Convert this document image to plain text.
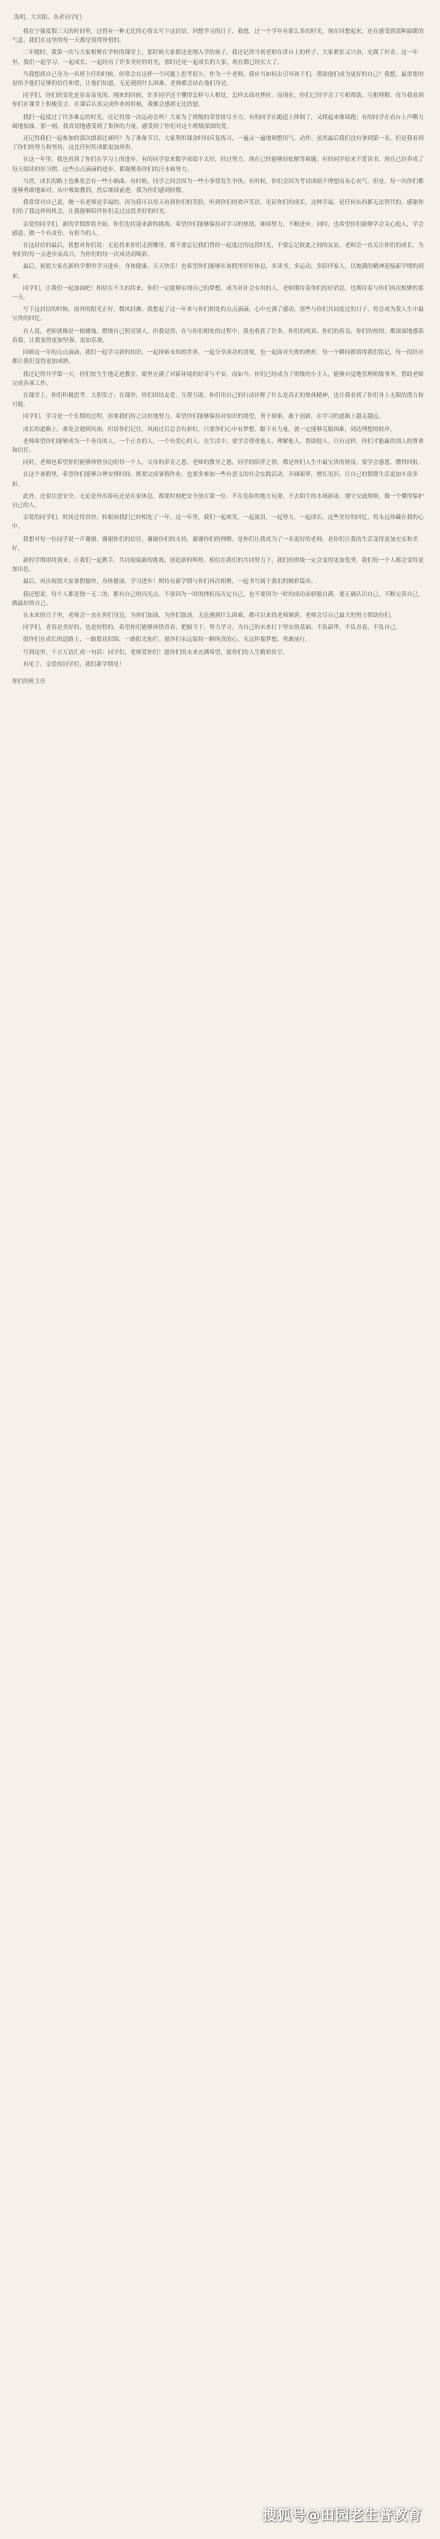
海明、大宾阳、各者同学们：
我在宁强度假三天的时间里，过得有一种无比的心情去写下这封信。回想学习的日子，我想，过一个学年有那么多的时光，现在回想起来，还在感受到那种温暖的气息，我们在这里的每一天都是值得珍惜的。
二年级时，我第一次与大家相聚在学校的课堂上，那时候大家都还是刚入学的孩子。我还记得当初老师在讲台上的样子，大家紧张又兴奋，充满了好奇。这一年里，我们一起学习、一起成长、一起经历了许多美好的时光，那时还是一起成长的大家，现在都已经长大了。
当我想到自己身为一名班主任的时候，经常会在这样一个问题上思考很久：作为一个老师，我应当如何去引导孩子们，帮助他们成为更好的自己？我想，最重要的是给予他们足够的信任和爱，让他们知道，无论遇到什么困难，老师都会站在他们身边。
同学们，你们的变化是显而易见的。刚来的时候，许多同学还不懂得怎样与人相处，怎样去面对挫折。而现在，你们已经学会了互相帮助、互相理解。每当我看到你们在课堂上积极发言、在课后认真完成作业的时候，我都会感到无比欣慰。
我们一起度过了许多难忘的时光。还记得那一次运动会吗？大家为了班级的荣誉拼尽全力，有的同学在跑道上摔倒了，又爬起来继续跑；有的同学在看台上声嘶力竭地加油。那一刻，我真切地感受到了集体的力量，感受到了你们对这个班级深深的爱。
还记得我们一起参加的那次朗诵比赛吗？为了准备节目，大家利用课余时间反复练习，一遍又一遍地调整语气、动作。虽然最后我们没有拿到第一名，但是我看到了你们的努力和坚持，这比任何奖项都更加珍贵。
在这一年里，我也看到了你们在学习上的进步。有的同学原来数学成绩不太好，经过努力，现在已经能够轻松解答难题；有的同学原来不爱读书，现在已经养成了每天阅读的好习惯。这些点点滴滴的进步，都凝聚着你们的汗水和努力。
当然，成长的路上也难免会有一些小插曲。有时候，同学之间会因为一些小事情发生争执；有时候，你们会因为考试成绩不理想而灰心丧气。但是，每一次你们都能够勇敢地面对，从中吸取教训，然后继续前进。我为你们感到骄傲。
我常常对自己说，做一名老师是幸福的。因为我可以每天看到你们的笑脸，听到你们的欢声笑语，见证你们的成长。这种幸福，是任何东西都无法替代的。感谢你们给了我这样的机会，让我能够陪伴你们走过这段美好的时光。
亲爱的同学们，新的学期即将开始，你们也将迎来新的挑战。希望你们能够保持对学习的热情，继续努力，不断进步。同时，也希望你们能够学会关心他人，学会感恩，做一个有责任、有担当的人。
在这封信的最后，我想对你们说：无论将来你们走到哪里，都不要忘记我们曾经一起度过的这段时光，不要忘记彼此之间的友谊。老师会一直关注你们的成长，为你们的每一点进步而高兴，为你们的每一次成功而喝彩。
最后，祝愿大家在新的学期里学习进步，身体健康，天天快乐！也希望你们能够在暑假里好好休息，多读书，多运动，多陪伴家人，以饱满的精神迎接新学期的到来。
同学们，让我们一起加油吧！相信在不久的将来，你们一定能够实现自己的梦想，成为对社会有用的人。老师期待着你们的好消息，也期待着与你们再次相聚的那一天。
写下这封信的时候，窗外的阳光正好，微风轻拂。我想起了这一年来与你们相处的点点滴滴，心中充满了感动。那些与你们共同度过的日子，将会成为我人生中最宝贵的回忆。
有人说，老师就像是一根蜡烛，燃烧自己照亮别人。但我觉得，在与你们相处的过程中，我也收获了许多。你们的纯真、你们的善良、你们的热情，都深深地感染着我，让我变得更加坚强、更加乐观。
回顾这一年的点点滴滴，我们一起学习新的知识，一起探索未知的世界，一起分享成功的喜悦，也一起面对失败的挫折。每一个瞬间都值得我们铭记，每一段经历都让我们变得更加成熟。
我还记得开学第一天，你们怯生生地走进教室，眼里充满了对新环境的好奇与不安。而如今，你们已经成为了班级的小主人，能够自觉地管理班级事务，帮助老师完成各项工作。
在课堂上，你们积极思考、大胆发言；在课外，你们团结友爱、互帮互助。你们用自己的行动诠释了什么是真正的集体精神，也让我看到了你们身上无限的潜力和可能。
同学们，学习是一个长期的过程，需要我们持之以恒地努力。希望你们能够保持对知识的渴望，勇于探索，敢于创新，在学习的道路上越走越远。
成长的道路上，难免会遇到风雨。但请你们记住，风雨过后总会有彩虹。只要你们心中有梦想，脚下有力量，就一定能够克服困难，到达理想的彼岸。
老师希望你们能够成为一个善良的人，一个正直的人，一个有爱心的人。在生活中，要学会尊重他人，理解他人，帮助他人。只有这样，你们才能赢得别人的尊重和信任。
同时，老师也希望你们能够珍惜身边的每一个人。父母的养育之恩，老师的教导之恩，同学的陪伴之情，都是你们人生中最宝贵的财富。要学会感恩，懂得回报。
在这个暑假里，希望你们能够合理安排时间，既要完成暑假作业，也要多参加一些有意义的社会实践活动，开阔眼界，增长见识，让自己的假期生活更加丰富多彩。
此外，还要注意安全。无论是外出游玩还是在家休息，都要时刻把安全放在第一位。不在危险的地方玩耍，不去陌生的水域游泳，遵守交通规则，做一个懂得保护自己的人。
亲爱的同学们，时间过得真快，转眼间我们已经相处了一年。这一年里，我们一起欢笑，一起流泪，一起努力，一起成长。这些美好的回忆，将永远珍藏在我的心中。
我想对每一位同学说一声谢谢。谢谢你们的信任，谢谢你们的支持，谢谢你们的理解。是你们让我成为了一名更好的老师，是你们让我的生活变得更加充实和美好。
新的学期即将到来，让我们一起携手，共同迎接新的挑战，创造新的辉煌。相信在我们的共同努力下，我们的班级一定会变得更加优秀，我们每一个人都会变得更加出色。
最后，再次祝愿大家暑假愉快，身体健康，学习进步！期待在新学期与你们再次相聚，一起书写属于我们的精彩篇章。
我还想说，每个人都是独一无二的，都有自己的闪光点。不要因为一时的挫折而否定自己，也不要因为一时的成功而骄傲自满。要正确认识自己，不断完善自己，做最好的自己。
在未来的日子里，老师会一直在你们身边，为你们加油，为你们鼓劲。无论遇到什么困难，都可以来找老师倾诉，老师会尽自己最大的努力帮助你们。
同学们，青春是美好的，也是短暂的。希望你们能够珍惜青春，把握当下，努力学习，为自己的未来打下坚实的基础。不负韶华，不负青春，不负自己。
愿你们在成长的道路上，一路繁花似锦，一路阳光灿烂。愿你们永远保持一颗纯真的心，永远怀揣梦想，勇敢前行。
写到这里，千言万语汇成一句话：同学们，老师爱你们！愿你们的未来充满希望，愿你们的人生精彩纷呈。
再见了，亲爱的同学们，我们新学期见！
你们的班主任
搜狐号@田园老生普教育
